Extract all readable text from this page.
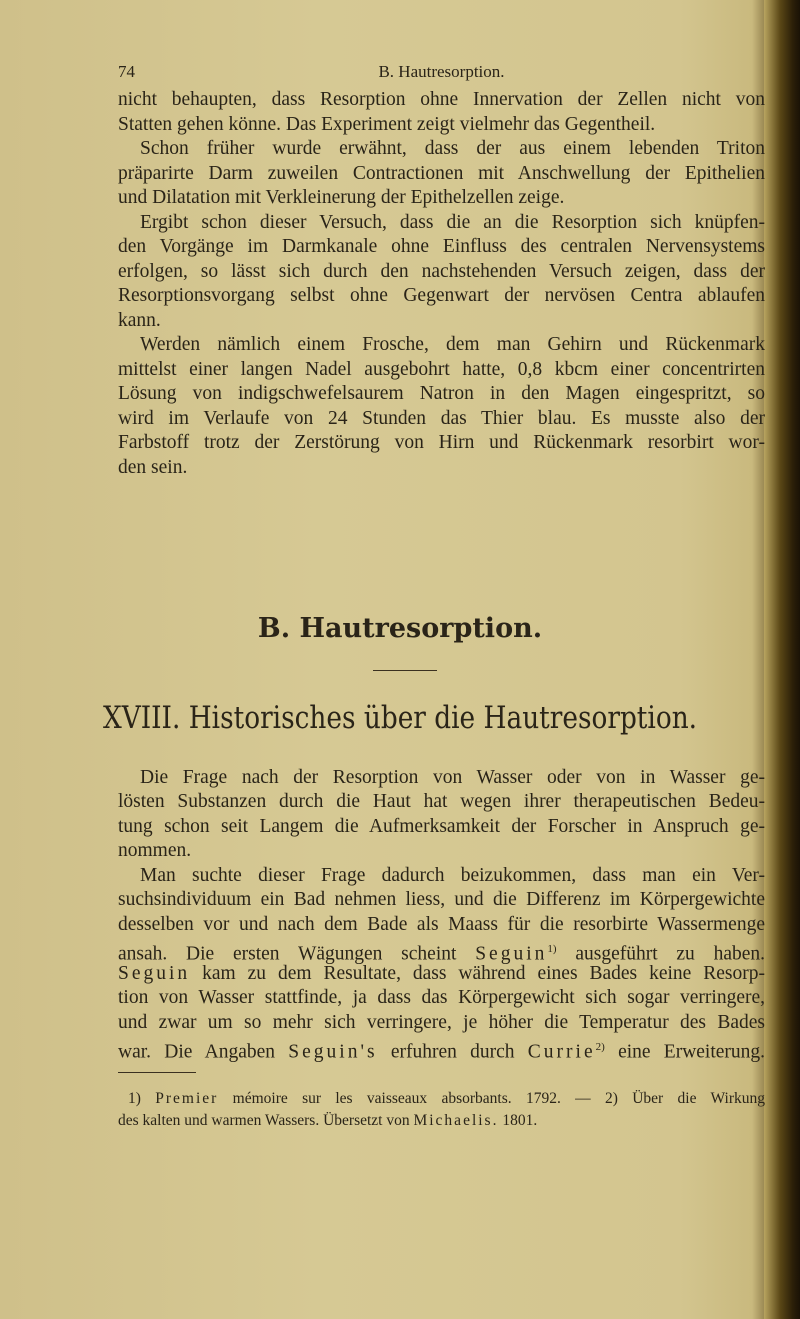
74	B. Hautresorption.
nicht behaupten, dass Resorption ohne Innervation der Zellen nicht von
Statten gehen könne. Das Experiment zeigt vielmehr das Gegentheil.
Schon früher wurde erwähnt, dass der aus einem lebenden Triton
präparirte Darm zuweilen Contractionen mit Anschwellung der Epithelien
und Dilatation mit Verkleinerung der Epithelzellen zeige.
Ergibt schon dieser Versuch, dass die an die Resorption sich knüpfen-
den Vorgänge im Darmkanale ohne Einfluss des centralen Nervensystems
erfolgen, so lässt sich durch den nachstehenden Versuch zeigen, dass der
Resorptionsvorgang selbst ohne Gegenwart der nervösen Centra ablaufen
kann.
Werden nämlich einem Frosche, dem man Gehirn und Rückenmark
mittelst einer langen Nadel ausgebohrt hatte, 0,8 kbcm einer concentrirten
Lösung von indigschwefelsaurem Natron in den Magen eingespritzt, so
wird im Verlaufe von 24 Stunden das Thier blau. Es musste also der
Farbstoff trotz der Zerstörung von Hirn und Rückenmark resorbirt wor-
den sein.
B. Hautresorption.
XVIII. Historisches über die Hautresorption.
Die Frage nach der Resorption von Wasser oder von in Wasser ge-
lösten Substanzen durch die Haut hat wegen ihrer therapeutischen Bedeu-
tung schon seit Langem die Aufmerksamkeit der Forscher in Anspruch ge-
nommen.
Man suchte dieser Frage dadurch beizukommen, dass man ein Ver-
suchsindividuum ein Bad nehmen liess, und die Differenz im Körpergewichte
desselben vor und nach dem Bade als Maass für die resorbirte Wassermenge
ansah. Die ersten Wägungen scheint Seguin$^{1)}$ ausgeführt zu haben.
Seguin kam zu dem Resultate, dass während eines Bades keine Resorp-
tion von Wasser stattfinde, ja dass das Körpergewicht sich sogar verringere,
und zwar um so mehr sich verringere, je höher die Temperatur des Bades
war. Die Angaben Seguin's erfuhren durch Currie$^{2)}$ eine Erweiterung.
1) Premier mémoire sur les vaisseaux absorbants. 1792. — 2) Über die Wirkung
des kalten und warmen Wassers. Übersetzt von Michaelis. 1801.
